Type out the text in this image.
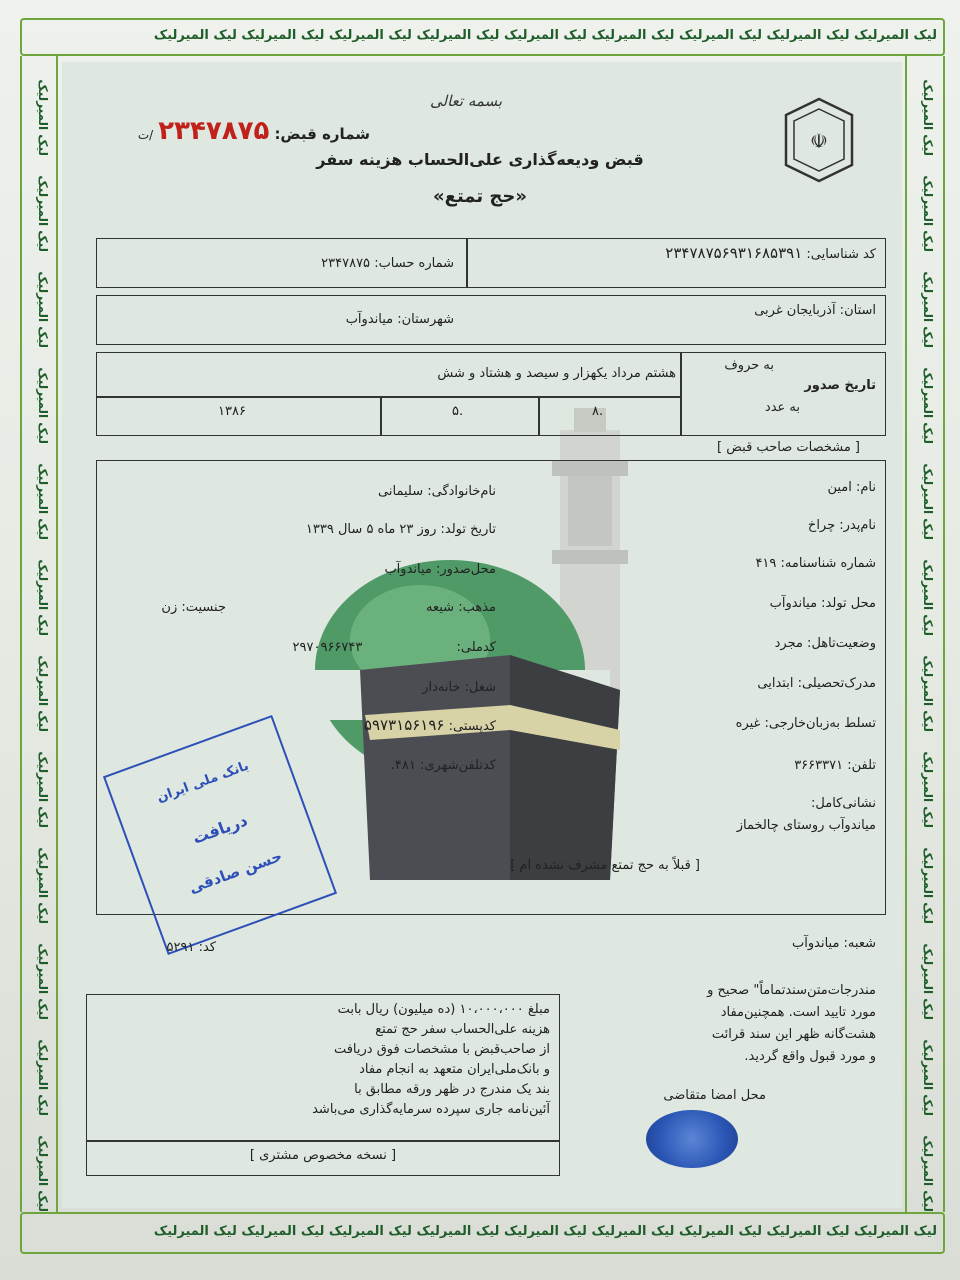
لیک المیرلیک لیک المیرلیک لیک المیرلیک لیک المیرلیک لیک المیرلیک لیک المیرلیک لیک المیرلیک لیک المیرلیک لیک المیرلیک
لیک المیرلیک لیک المیرلیک لیک المیرلیک لیک المیرلیک لیک المیرلیک لیک المیرلیک لیک المیرلیک لیک المیرلیک لیک المیرلیک
لیک المیرلیک
لیک المیرلیک
لیک المیرلیک
لیک المیرلیک
لیک المیرلیک
لیک المیرلیک
لیک المیرلیک
لیک المیرلیک
لیک المیرلیک
لیک المیرلیک
لیک المیرلیک
لیک المیرلیک
لیک المیرلیک
لیک المیرلیک
لیک المیرلیک
لیک المیرلیک
لیک المیرلیک
لیک المیرلیک
لیک المیرلیک
لیک المیرلیک
لیک المیرلیک
لیک المیرلیک
لیک المیرلیک
لیک المیرلیک
بسمه تعالی
شماره قبض: ۲۳۴۷۸۷۵ /ت	☫
قبض ودیعه‌گذاری علی‌الحساب هزینه سفر
«حج تمتع»
کد شناسایی: ۲۳۴۷۸۷۵۶۹۳۱۶۸۵۳۹۱
شماره حساب: ۲۳۴۷۸۷۵
استان: آذربایجان غربی
شهرستان: میاندوآب
به حروف
تاریخ صدور
به عدد
هشتم مرداد یکهزار و سیصد و هشتاد و شش
۸.
۵.
۱۳۸۶
[ مشخصات صاحب قبض ]
نام: امین
نام‌خانوادگی: سلیمانی
نام‌پدر: چراخ
تاریخ تولد: روز ۲۳ ماه ۵ سال ۱۳۳۹
شماره شناسنامه: ۴۱۹
محل‌صدور: میاندوآب
محل تولد: میاندوآب
مذهب: شیعه
جنسیت: زن
وضعیت‌تاهل: مجرد
کدملی: ۲۹۷۰۹۶۶۷۴۳
مدرک‌تحصیلی: ابتدایی
شغل: خانه‌دار
تسلط به‌زبان‌خارجی: غیره
کدپستی: ۵۹۷۳۱۵۶۱۹۶
تلفن: ۳۶۶۳۳۷۱
کدتلفن‌شهری: ۴۸۱.
نشانی‌کامل:
میاندوآب روستای چالخماز
[ قبلاً به حج تمتع مشرف نشده ام ]
بانک ملی ایران
دریافت
حسن صادقی
شعبه: میاندوآب
کد: ۵۲۹۱
مبلغ ۱۰،۰۰۰،۰۰۰ (ده میلیون) ریال بابت
هزینه علی‌الحساب سفر حج تمتع
از صاحب‌قبض با مشخصات فوق دریافت
و بانک‌ملی‌ایران متعهد به انجام مفاد
بند یک مندرج در ظهر ورقه مطابق با
آئین‌نامه جاری سپرده سرمایه‌گذاری می‌باشد
[ نسخه مخصوص مشتری ]
مندرجات‌متن‌سند‌تماماً" صحیح و
مورد تایید است. همچنین‌مفاد
هشت‌گانه ظهر این سند قرائت
و مورد قبول واقع گردید.
محل امضا متقاضی
